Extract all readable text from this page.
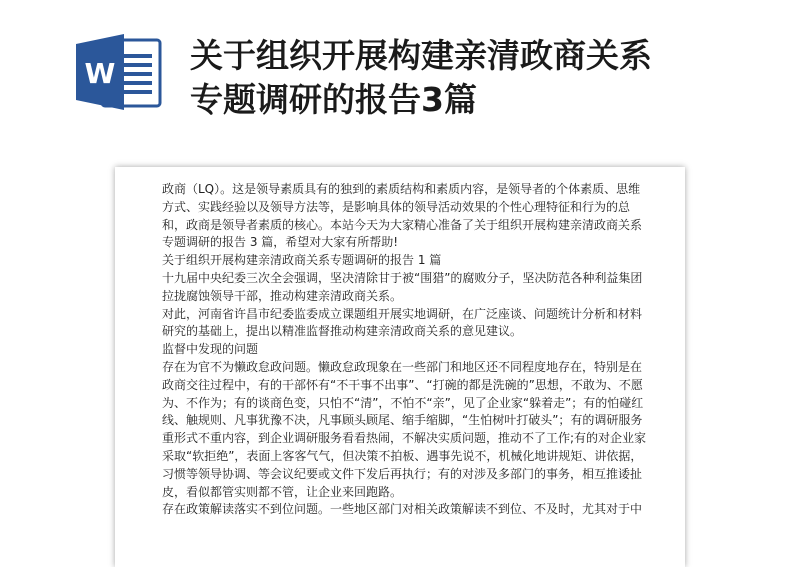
W 关于组织开展构建亲清政商关系
专题调研的报告3篇

政商（LQ）。这是领导素质具有的独到的素质结构和素质内容，是领导者的个体素质、思维方式、实践经验以及领导方法等，是影响具体的领导活动效果的个性心理特征和行为的总和，政商是领导者素质的核心。本站今天为大家精心准备了关于组织开展构建亲清政商关系专题调研的报告 3 篇，希望对大家有所帮助!

关于组织开展构建亲清政商关系专题调研的报告 1 篇

十九届中央纪委三次全会强调，坚决清除甘于被“围猎”的腐败分子，坚决防范各种利益集团拉拢腐蚀领导干部，推动构建亲清政商关系。

对此，河南省许昌市纪委监委成立课题组开展实地调研，在广泛座谈、问题统计分析和材料研究的基础上，提出以精准监督推动构建亲清政商关系的意见建议。

监督中发现的问题

存在为官不为懒政怠政问题。懒政怠政现象在一些部门和地区还不同程度地存在，特别是在政商交往过程中，有的干部怀有“不干事不出事”、“打碗的都是洗碗的”思想，不敢为、不愿为、不作为；有的谈商色变，只怕不“清”，不怕不“亲”，见了企业家“躲着走”；有的怕碰红线、触规则、凡事犹豫不决，凡事顾头顾尾、缩手缩脚，“生怕树叶打破头”；有的调研服务重形式不重内容，到企业调研服务看看热闹，不解决实质问题，推动不了工作;有的对企业家采取“软拒绝”，表面上客客气气，但决策不拍板、遇事先说不，机械化地讲规矩、讲依据，习惯等领导协调、等会议纪要或文件下发后再执行；有的对涉及多部门的事务，相互推诿扯皮，看似都管实则都不管，让企业来回跑路。

存在政策解读落实不到位问题。一些地区部门对相关政策解读不到位、不及时，尤其对于中
